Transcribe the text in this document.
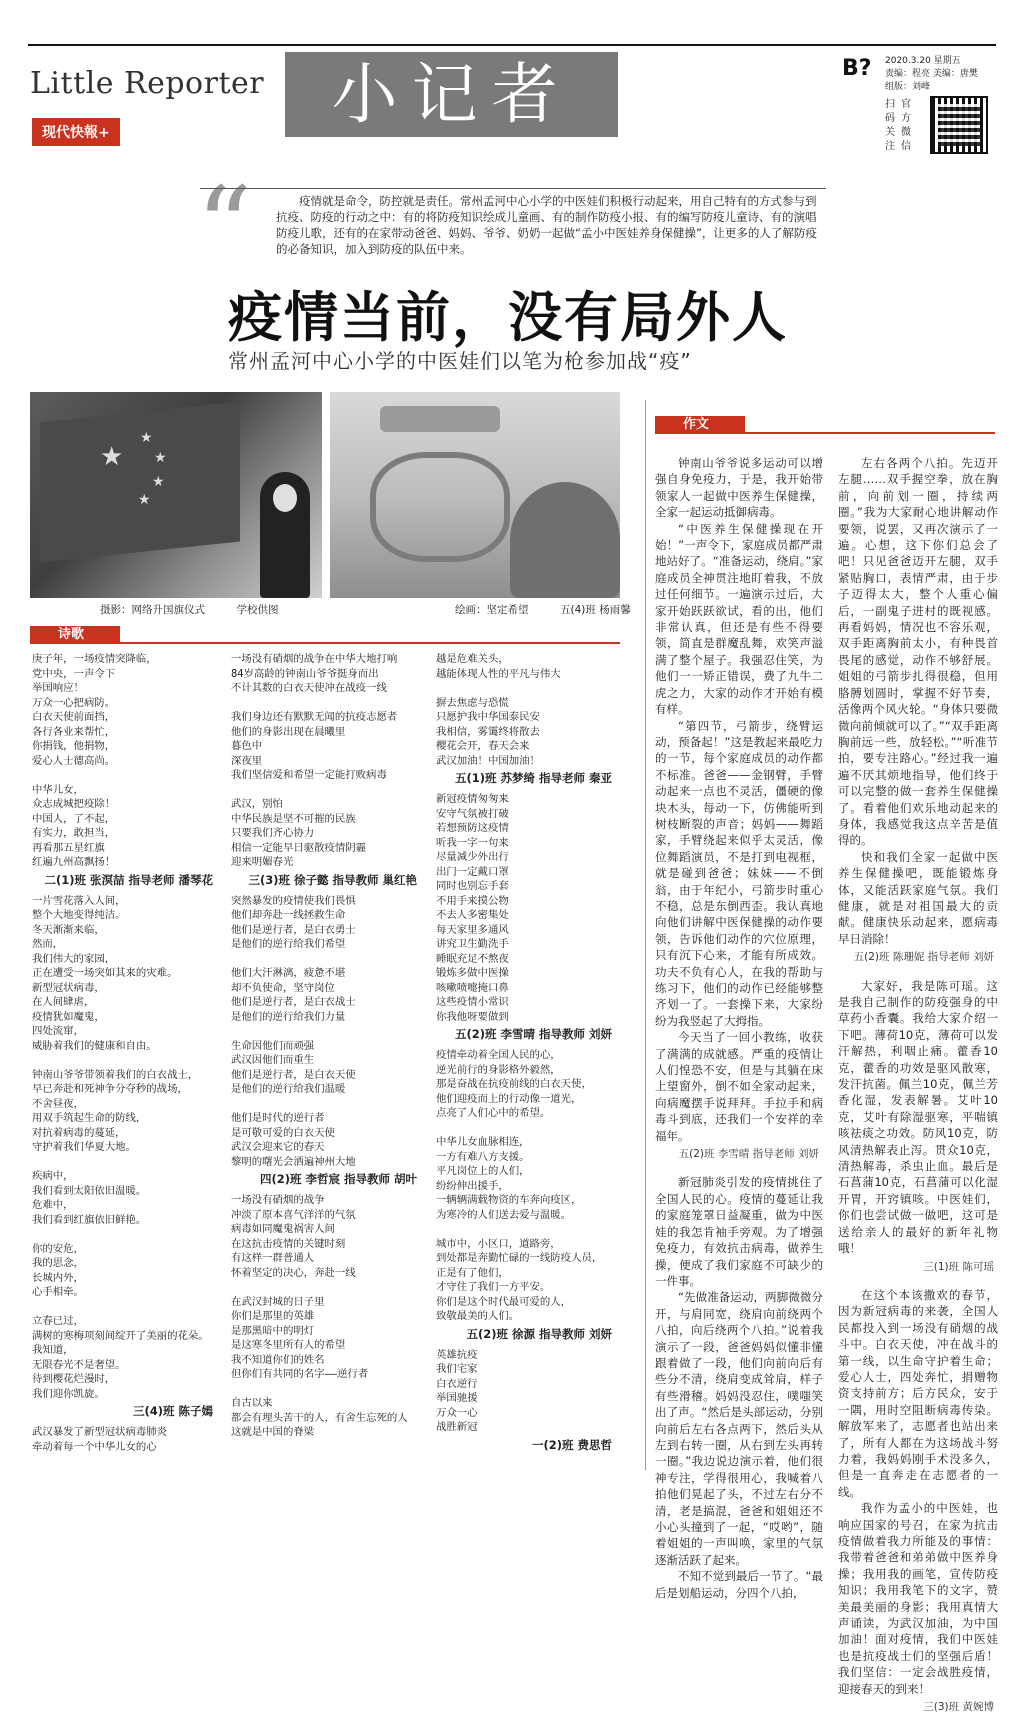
Little Reporter
现代快報+	小记者	B? 2020.3.20 星期五
责编：程亮 美编：唐樊
组版：刘峰
扫
码
关
注
官
方
微
信
“	疫情就是命令，防控就是责任。常州孟河中心小学的中医娃们积极行动起来，用自己特有的方式参与到抗疫、防疫的行动之中：有的将防疫知识绘成儿童画、有的制作防疫小报、有的编写防疫儿童诗、有的演唱防疫儿歌，还有的在家带动爸爸、妈妈、爷爷、奶奶一起做“孟小中医娃养身保健操”，让更多的人了解防疫的必备知识，加入到防疫的队伍中来。
疫情当前，没有局外人
常州孟河中心小学的中医娃们以笔为枪参加战“疫”
★
★
★
★
★
摄影：网络升国旗仪式　　　学校供图	绘画：坚定希望　　　五(4)班 杨雨馨
诗歌
作文

庚子年，一场疫情突降临，
党中央，一声令下
举国响应！
万众一心把病防。
白衣天使前面挡，
各行各业来帮忙，
你捐钱，他捐物，
爱心人士德高尚。

中华儿女，
众志成城把疫除！
中国人，了不起，
有实力，敢担当，
再看那五星红旗
红遍九州高飘扬！

二(1)班 张溟喆 指导老师 潘琴花

一片雪花落入人间，
整个大地变得纯洁。
冬天渐渐来临，
然而，
我们伟大的家园，
正在遭受一场突如其来的灾难。
新型冠状病毒，
在人间肆虐，
疫情犹如魔鬼，
四处流窜，
威胁着我们的健康和自由。

钟南山爷爷带领着我们的白衣战士，
早已奔赴和死神争分夺秒的战场，
不舍昼夜，
用双手筑起生命的防线，
对抗着病毒的蔓延，
守护着我们华夏大地。

疾病中，
我们看到太阳依旧温暖。
危难中，
我们看到红旗依旧鲜艳。

你的安危，
我的思念，
长城内外，
心手相牵。

立春已过，
满树的寒梅项刻间绽开了美丽的花朵。
我知道，
无限春光不是奢望。
待到樱花烂漫时，
我们迎你凯旋。

三(4)班 陈子嫣

武汉暴发了新型冠状病毒肺炎
牵动着每一个中华儿女的心

一场没有硝烟的战争在中华大地打响
84岁高龄的钟南山爷爷挺身而出
不计其数的白衣天使冲在战疫一线

我们身边还有默默无闻的抗疫志愿者
他们的身影出现在晨曦里
暮色中
深夜里
我们坚信爱和希望一定能打败病毒

武汉，别怕
中华民族是坚不可摧的民族
只要我们齐心协力
相信一定能早日驱散疫情阴霾
迎来明媚春光

三(3)班 徐子懿 指导教师 巢红艳

突然暴发的疫情使我们畏惧
他们却奔赴一线拯救生命
他们是逆行者，是白衣勇士
是他们的逆行给我们希望

他们大汗淋漓，疲惫不堪
却不负使命，坚守岗位
他们是逆行者，是白衣战士
是他们的逆行给我们力量

生命因他们而顽强
武汉因他们而重生
他们是逆行者，是白衣天使
是他们的逆行给我们温暖

他们是时代的逆行者
是可敬可爱的白衣天使
武汉会迎来它的春天
黎明的曙光会洒遍神州大地

四(2)班 李哲宸 指导教师 胡叶

一场没有硝烟的战争
冲淡了原本喜气洋洋的气氛
病毒如同魔鬼祸害人间
在这抗击疫情的关键时刻
有这样一群普通人
怀着坚定的决心，奔赴一线

在武汉封城的日子里
你们是那里的英雄
是那黑暗中的明灯
是这寒冬里所有人的希望
我不知道你们的姓名
但你们有共同的名字——逆行者

自古以来
都会有埋头苦干的人，有舍生忘死的人
这就是中国的脊梁

越是危难关头，
越能体现人性的平凡与伟大

摒去焦虑与恐慌
只愿护我中华国泰民安
我相信，雾霭终将散去
樱花会开，春天会来
武汉加油！中国加油！

五(1)班 苏梦绮 指导老师 秦亚

新冠疫情匆匆来
安守气氛被打破
若想预防这疫情
听我一字一句来
尽量减少外出行
出门一定戴口罩
同时也别忘手套
不用手来摸公物
不去人多密集处
每天家里多通风
讲究卫生勤洗手
睡眠充足不熬夜
锻炼多做中医操
咳嗽喷嚏掩口鼻
这些疫情小常识
你我他呀要做到

五(2)班 李雪晴 指导教师 刘妍

疫情牵动着全国人民的心，
逆光前行的身影格外毅然，
那是奋战在抗疫前线的白衣天使，
他们迎疫而上的行动像一道光，
点亮了人们心中的希望。

中华儿女血脉相连，
一方有难八方支援。
平凡岗位上的人们，
纷纷伸出援手，
一辆辆满载物资的车奔向疫区，
为寒冷的人们送去爱与温暖。

城市中，小区口，道路旁，
到处都是奔勤忙碌的一线防疫人员，
正是有了他们，
才守住了我们一方平安。
你们是这个时代最可爱的人，
致敬最美的人们。

五(2)班 徐源 指导教师 刘妍

英雄抗疫
我们宅家
白衣逆行
举国驰援
万众一心
战胜新冠

一(2)班 费思哲

钟南山爷爷说多运动可以增强自身免疫力，于是，我开始带领家人一起做中医养生保健操，全家一起运动抵御病毒。

“中医养生保健操现在开始！”一声令下，家庭成员都严肃地站好了。“准备运动，绕肩。”家庭成员全神贯注地盯着我，不放过任何细节。一遍演示过后，大家开始跃跃欲试，看的出，他们非常认真，但还是有些不得要领，简直是群魔乱舞，欢笑声溢满了整个屋子。我强忍住笑，为他们一一矫正错误，费了九牛二虎之力，大家的动作才开始有模有样。

“第四节，弓箭步，绕臂运动，预备起！”这是教起来最吃力的一节，每个家庭成员的动作都不标准。爸爸——金钢臂，手臂动起来一点也不灵活，僵硬的像块木头，每动一下，仿佛能听到树枝断裂的声音；妈妈——舞蹈家，手臂绕起来似乎太灵活，像位舞蹈演员，不是打到电视框，就是碰到爸爸；妹妹——不倒翁，由于年纪小，弓箭步时重心不稳，总是东倒西歪。我认真地向他们讲解中医保健操的动作要领，告诉他们动作的穴位原理，只有沉下心来，才能有所成效。功夫不负有心人，在我的帮助与练习下，他们的动作已经能够整齐划一了。一套操下来，大家纷纷为我竖起了大拇指。

今天当了一回小教练，收获了满满的成就感。严重的疫情让人们惶恐不安，但是与其躺在床上望窗外，倒不如全家动起来，向病魔摆手说拜拜。手拉手和病毒斗到底，还我们一个安祥的幸福年。

五(2)班 李雪晴 指导老师 刘妍

新冠肺炎引发的疫情挑住了全国人民的心。疫情的蔓延让我的家庭笼罩日益凝重，做为中医娃的我怎肯袖手旁观。为了增强免疫力，有效抗击病毒，做养生操，便成了我们家庭不可缺少的一件事。

“先做准备运动，两脚微微分开，与肩同宽，绕肩向前绕两个八拍，向后绕两个八拍。”说着我演示了一段，爸爸妈妈似懂非懂跟着做了一段，他们向前向后有些分不清，绕肩变成耸肩，样子有些滑稽。妈妈没忍住，噗嗤笑出了声。“然后是头部运动，分别向前后左右各点两下，然后头从左到右转一圈，从右到左头再转一圈。”我边说边演示着，他们很神专注，学得很用心，我喊着八拍他们晃起了头，不过左右分不清，老是搞混，爸爸和姐姐还不小心头撞到了一起，“哎哟”，随着姐姐的一声叫唤，家里的气氛逐渐活跃了起来。

不知不觉到最后一节了。“最后是划船运动，分四个八拍，

左右各两个八拍。先迈开左腿……双手握空拳，放在胸前，向前划一圈，持续两圈。”我为大家耐心地讲解动作要领，说罢，又再次演示了一遍。心想，这下你们总会了吧！只见爸爸迈开左腿，双手紧贴胸口，表情严肃，由于步子迈得太大，整个人重心偏后，一副鬼子进村的既视感。再看妈妈，情况也不容乐观，双手距离胸前太小，有种畏首畏尾的感觉，动作不够舒展。姐姐的弓箭步扎得很稳，但用胳膊划圆时，掌握不好节奏，活像两个风火轮。“身体只要微微向前倾就可以了。”“双手距离胸前远一些，放轻松。”“听准节拍，要专注路心。”经过我一遍遍不厌其烦地指导，他们终于可以完整的做一套养生保健操了。看着他们欢乐地动起来的身体，我感觉我这点辛苦是值得的。

快和我们全家一起做中医养生保健操吧，既能锻炼身体，又能活跃家庭气氛。我们健康，就是对祖国最大的贡献。健康快乐动起来，愿病毒早日消除！

五(2)班 陈珊妮 指导老师 刘妍

大家好，我是陈可瑶。这是我自己制作的防疫强身的中草药小香囊。我给大家介绍一下吧。薄荷10克，薄荷可以发汗解热，利咽止痛。藿香10克，藿香的功效是驱风散寒，发汗抗菌。佩兰10克，佩兰芳香化湿，发表解暑。艾叶10克，艾叶有除湿驱寒，平喘镇咳祛痰之功效。防风10克，防风清热解表止泻。贯众10克，清热解毒，杀虫止血。最后是石菖蒲10克，石菖蒲可以化湿开胃，开窍镇咳。中医娃们，你们也尝试做一做吧，这可是送给亲人的最好的新年礼物哦！

三(1)班 陈可瑶

在这个本该撒欢的春节，因为新冠病毒的来袭，全国人民都投入到一场没有硝烟的战斗中。白衣天使，冲在战斗的第一线，以生命守护着生命；爱心人士，四处奔忙，捐赠物资支持前方；后方民众，安于一隅，用时空阻断病毒传染。解放军来了，志愿者也站出来了，所有人都在为这场战斗努力着，我妈妈刚手术没多久，但是一直奔走在志愿者的一线。

我作为孟小的中医娃，也响应国家的号召，在家为抗击疫情做着我力所能及的事情：我带着爸爸和弟弟做中医养身操；我用我的画笔，宣传防疫知识；我用我笔下的文字，赞美最美丽的身影；我用真情大声诵读，为武汉加油，为中国加油！面对疫情，我们中医娃也是抗疫战士们的坚强后盾！我们坚信：一定会战胜疫情，迎接春天的到来！

三(3)班 黄婉博
